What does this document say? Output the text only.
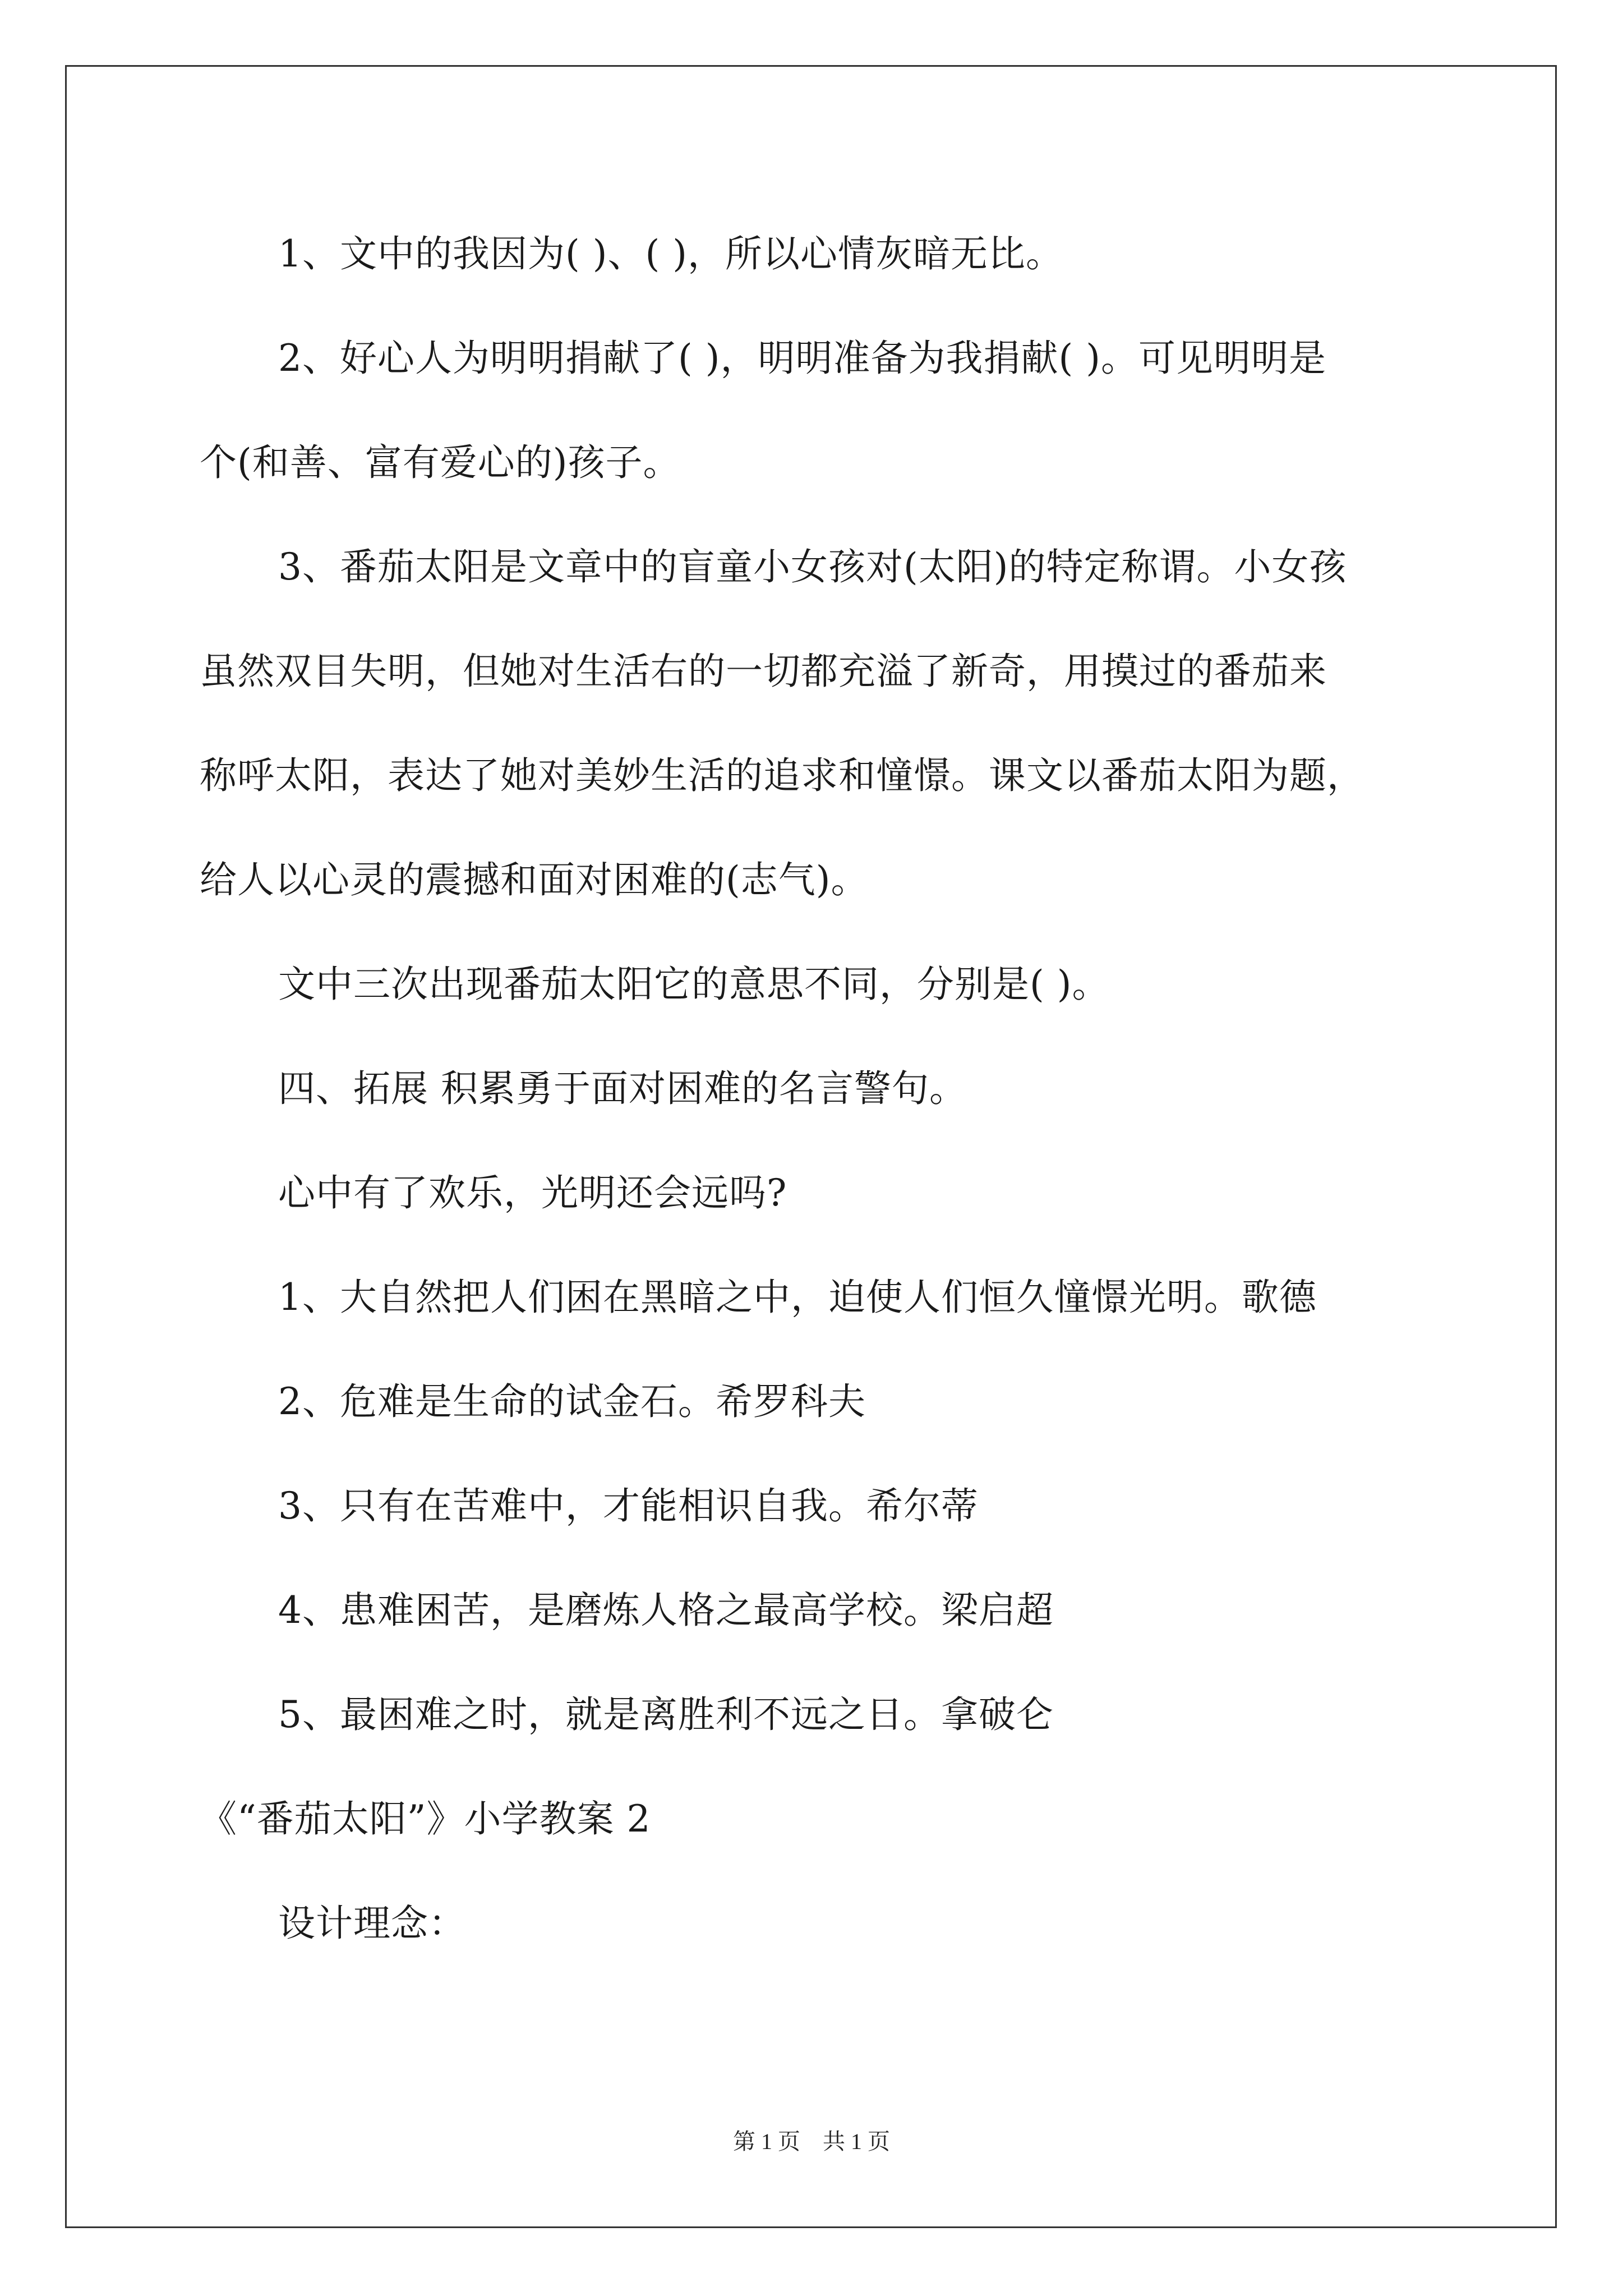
1、文中的我因为( )、( )，所以心情灰暗无比。
2、好心人为明明捐献了( )，明明准备为我捐献( )。可见明明是
个(和善、富有爱心的)孩子。
3、番茄太阳是文章中的盲童小女孩对(太阳)的特定称谓。小女孩
虽然双目失明，但她对生活右的一切都充溢了新奇，用摸过的番茄来
称呼太阳，表达了她对美妙生活的追求和憧憬。课文以番茄太阳为题，
给人以心灵的震撼和面对困难的(志气)。
文中三次出现番茄太阳它的意思不同，分别是( )。
四、拓展 积累勇于面对困难的名言警句。
心中有了欢乐，光明还会远吗?
1、大自然把人们困在黑暗之中，迫使人们恒久憧憬光明。歌德
2、危难是生命的试金石。希罗科夫
3、只有在苦难中，才能相识自我。希尔蒂
4、患难困苦，是磨炼人格之最高学校。梁启超
5、最困难之时，就是离胜利不远之日。拿破仑
《“番茄太阳”》小学教案 2
设计理念：
第 1 页　共 1 页
